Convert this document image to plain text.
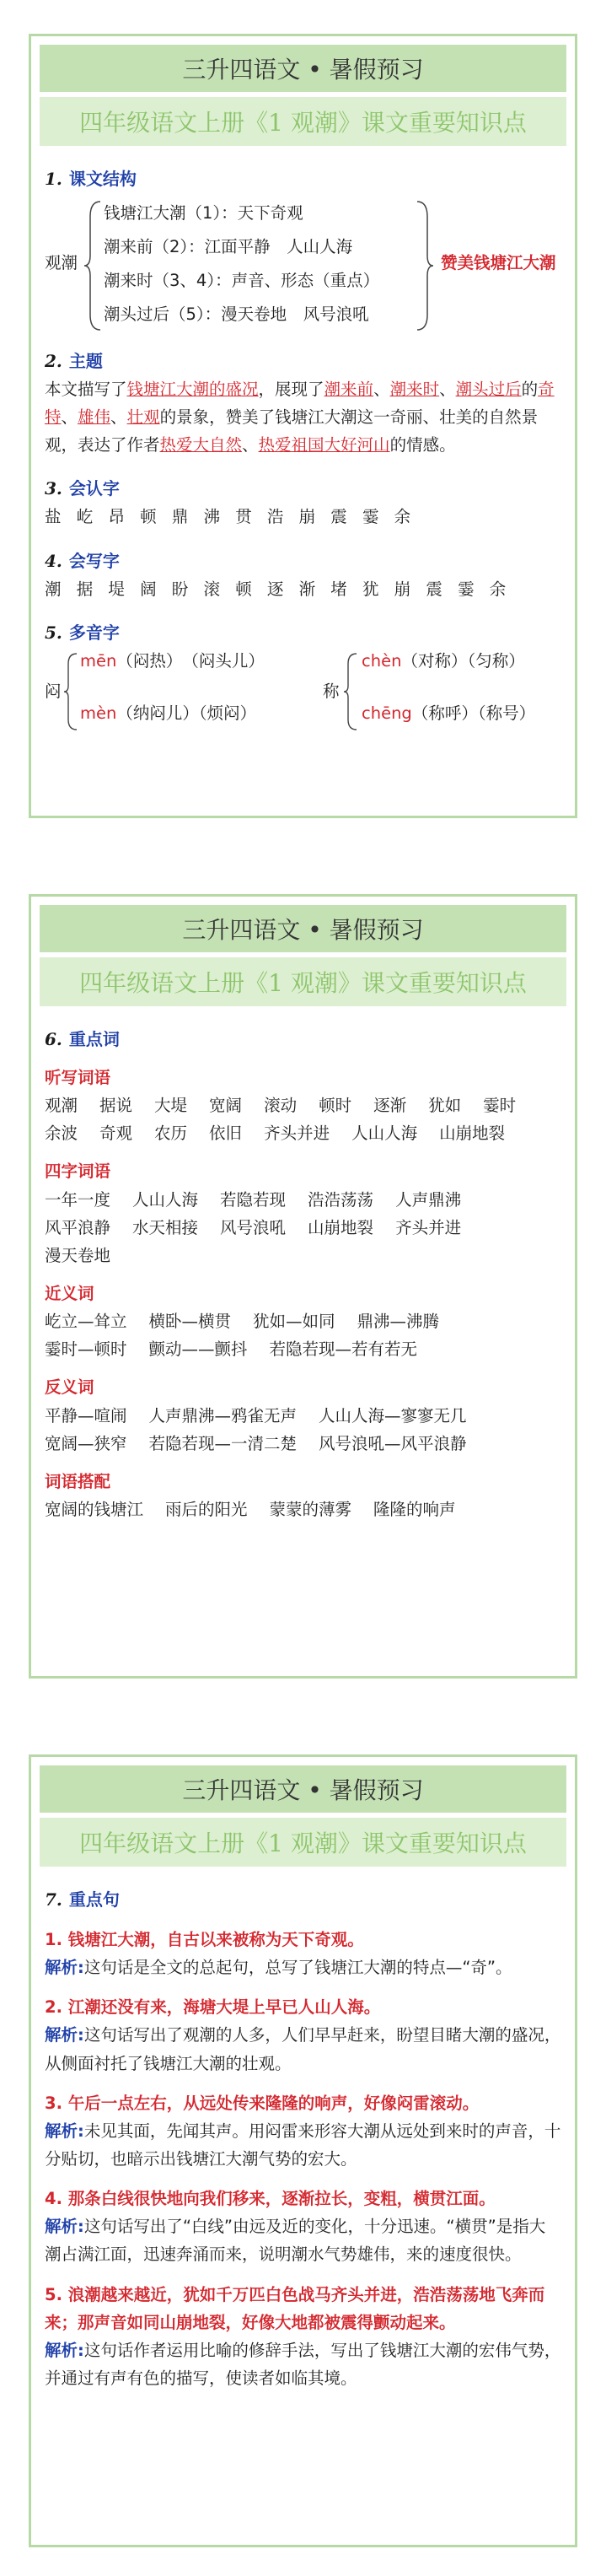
三升四语文 • 暑假预习
四年级语文上册《1 观潮》课文重要知识点
1. 课文结构
观潮
钱塘江大潮（1）：天下奇观
潮来前（2）：江面平静　人山人海
潮来时（3、4）：声音、形态（重点）
潮头过后（5）：漫天卷地　风号浪吼
赞美钱塘江大潮
2. 主题

本文描写了钱塘江大潮的盛况，展现了潮来前、潮来时、潮头过后的奇特、雄伟、壮观的景象，赞美了钱塘江大潮这一奇丽、壮美的自然景观，表达了作者热爱大自然、热爱祖国大好河山的情感。

3. 会认字
盐 屹 昂 顿 鼎 沸 贯 浩 崩 震 霎 余
4. 会写字
潮 据 堤 阔 盼 滚 顿 逐 渐 堵 犹 崩 震 霎 余
5. 多音字
闷
mēn（闷热）　（闷头儿）
mèn（纳闷儿）（烦闷）
称
chèn（对称）（匀称）
chēng（称呼）（称号）
三升四语文 • 暑假预习
四年级语文上册《1 观潮》课文重要知识点
6. 重点词
听写词语
观潮 据说 大堤 宽阔 滚动 顿时 逐渐 犹如 霎时
余波 奇观 农历 依旧 齐头并进 人山人海 山崩地裂
四字词语
一年一度 人山人海 若隐若现 浩浩荡荡 人声鼎沸
风平浪静 水天相接 风号浪吼 山崩地裂 齐头并进
漫天卷地
近义词
屹立—耸立 横卧—横贯 犹如—如同 鼎沸—沸腾
霎时—顿时 颤动——颤抖 若隐若现—若有若无
反义词
平静—喧闹 人声鼎沸—鸦雀无声 人山人海—寥寥无几
宽阔—狭窄 若隐若现—一清二楚 风号浪吼—风平浪静
词语搭配
宽阔的钱塘江 雨后的阳光 蒙蒙的薄雾 隆隆的响声
三升四语文 • 暑假预习
四年级语文上册《1 观潮》课文重要知识点
7. 重点句
1. 钱塘江大潮，自古以来被称为天下奇观。

解析:这句话是全文的总起句，总写了钱塘江大潮的特点—“奇”。

2. 江潮还没有来，海塘大堤上早已人山人海。

解析:这句话写出了观潮的人多，人们早早赶来，盼望目睹大潮的盛况，从侧面衬托了钱塘江大潮的壮观。

3. 午后一点左右，从远处传来隆隆的响声，好像闷雷滚动。

解析:未见其面，先闻其声。用闷雷来形容大潮从远处到来时的声音，十分贴切，也暗示出钱塘江大潮气势的宏大。

4. 那条白线很快地向我们移来，逐渐拉长，变粗，横贯江面。

解析:这句话写出了“白线”由远及近的变化，十分迅速。“横贯”是指大潮占满江面，迅速奔涌而来，说明潮水气势雄伟，来的速度很快。

5. 浪潮越来越近，犹如千万匹白色战马齐头并进，浩浩荡荡地飞奔而来；那声音如同山崩地裂，好像大地都被震得颤动起来。

解析:这句话作者运用比喻的修辞手法，写出了钱塘江大潮的宏伟气势，并通过有声有色的描写，使读者如临其境。
